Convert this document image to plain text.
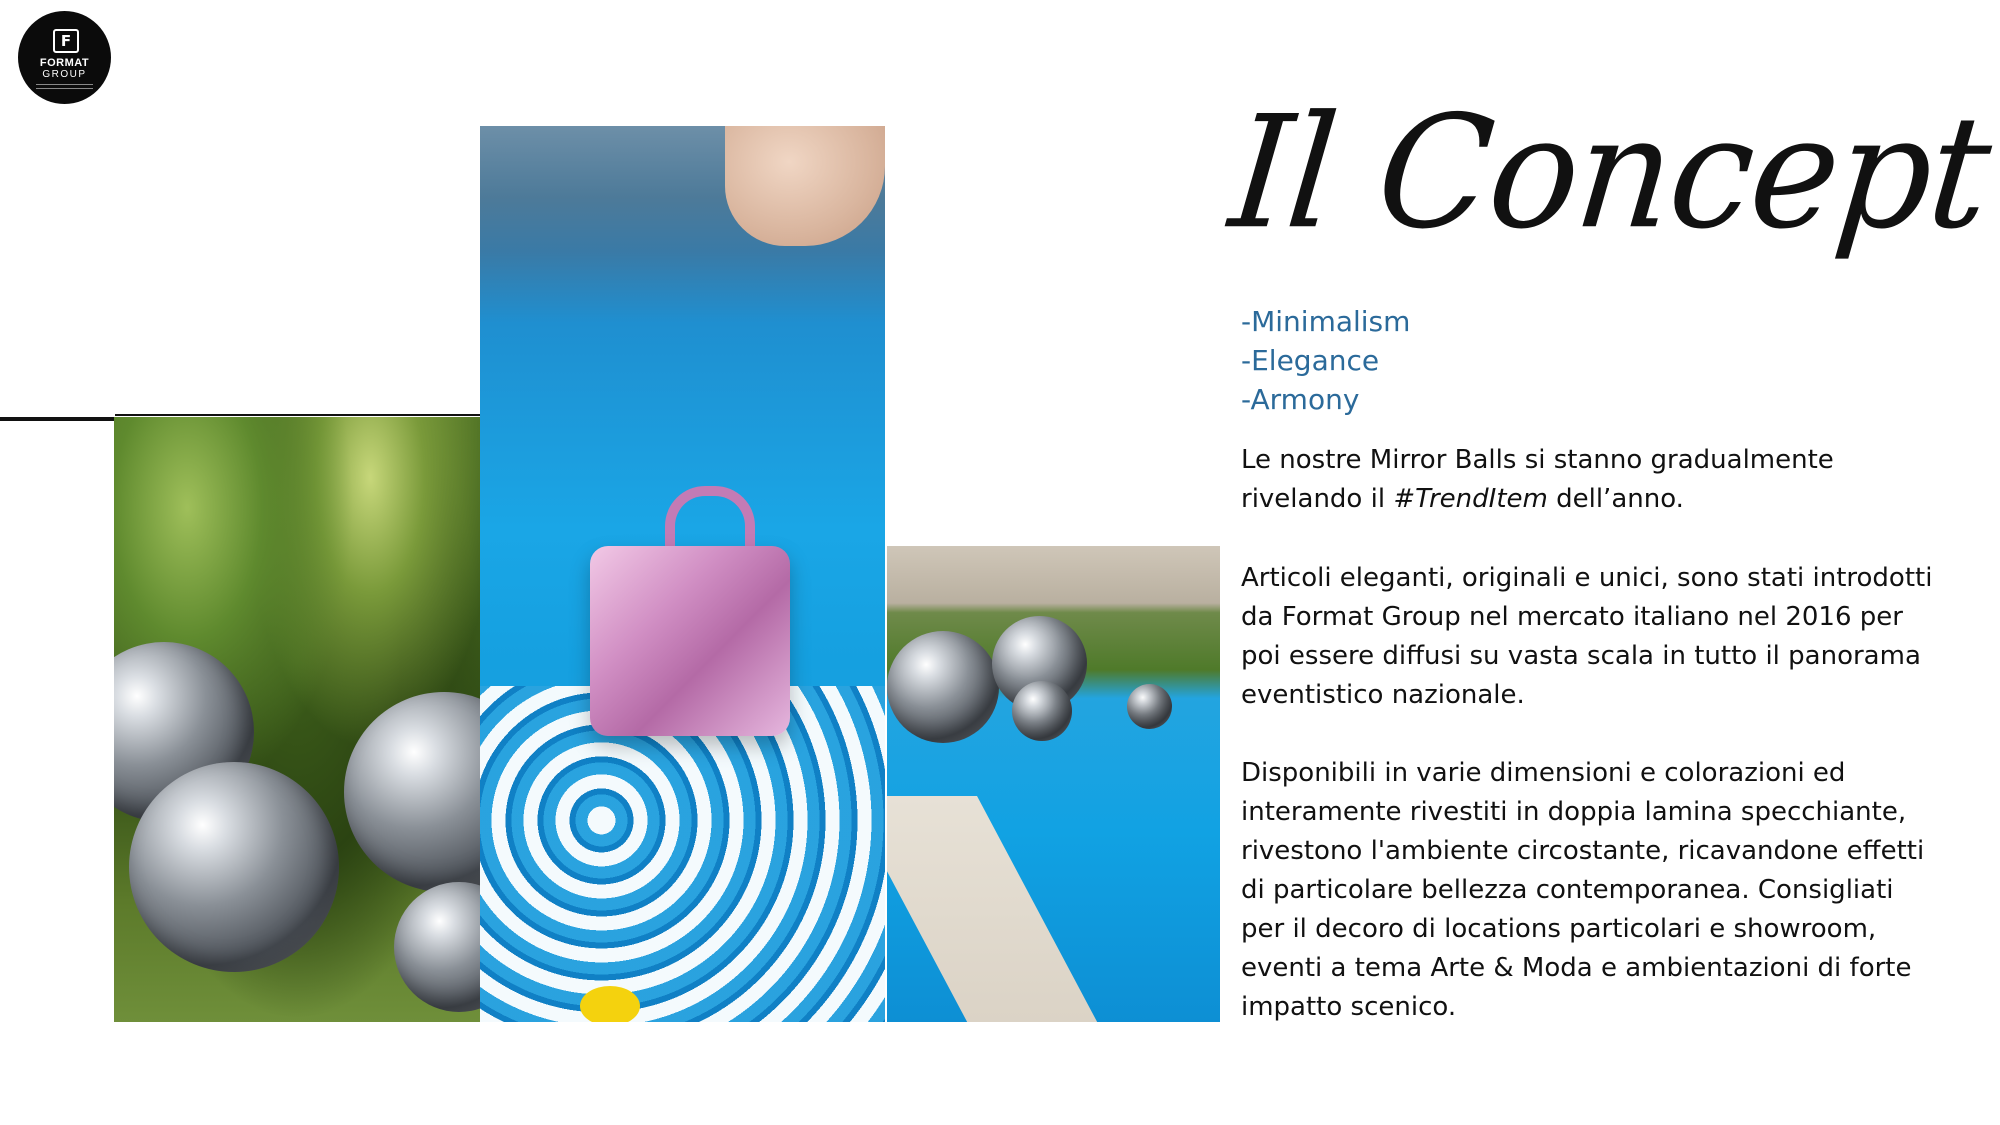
F
FORMAT
GROUP
Il Concept
-Minimalism
-Elegance
-Armony

Le nostre Mirror Balls si stanno gradualmente rivelando il #TrendItem dell’anno.

Articoli eleganti, originali e unici, sono stati introdotti da Format Group nel mercato italiano nel 2016 per poi essere diffusi su vasta scala in tutto il panorama eventistico nazionale.

Disponibili in varie dimensioni e colorazioni ed interamente rivestiti in doppia lamina specchiante, rivestono l'ambiente circostante, ricavandone effetti di particolare bellezza contemporanea. Consigliati per il decoro di locations particolari e showroom, eventi a tema Arte & Moda e ambientazioni di forte impatto scenico.
